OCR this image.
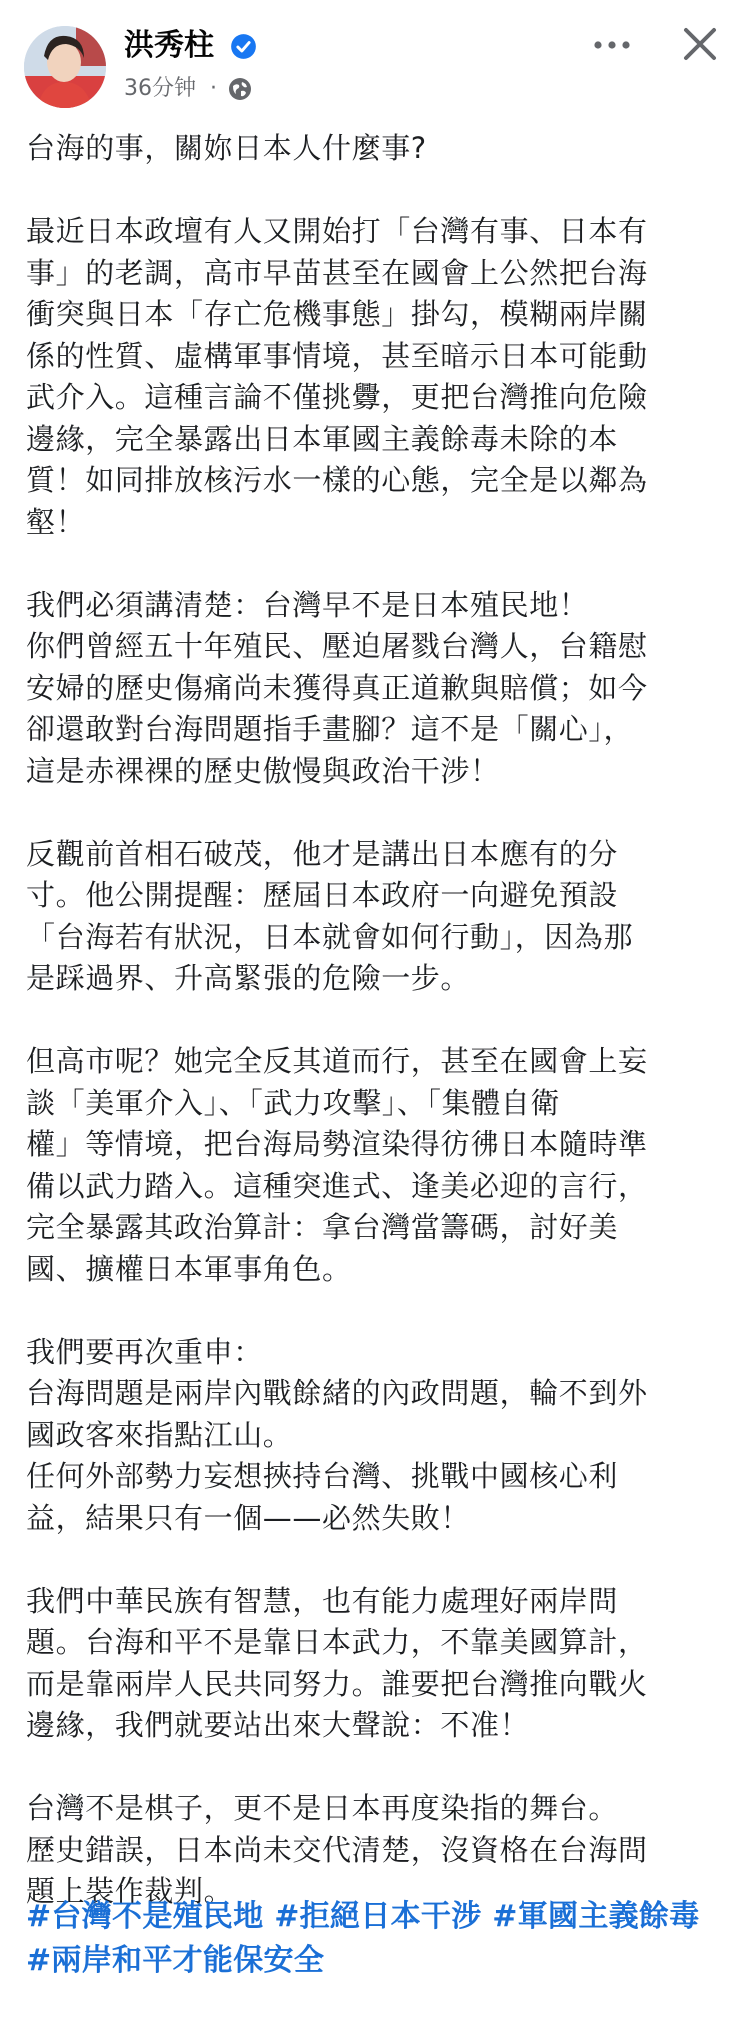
洪秀柱
36分钟 ·

台海的事，關妳日本人什麼事?

最近日本政壇有人又開始打「台灣有事、日本有
事」的老調，高市早苗甚至在國會上公然把台海
衝突與日本「存亡危機事態」掛勾，模糊兩岸關
係的性質、虛構軍事情境，甚至暗示日本可能動
武介入。這種言論不僅挑釁，更把台灣推向危險
邊緣，完全暴露出日本軍國主義餘毒未除的本
質！如同排放核污水一樣的心態，完全是以鄰為
壑！

我們必須講清楚：台灣早不是日本殖民地！
你們曾經五十年殖民、壓迫屠戮台灣人，台籍慰
安婦的歷史傷痛尚未獲得真正道歉與賠償；如今
卻還敢對台海問題指手畫腳？這不是「關心」，
這是赤裸裸的歷史傲慢與政治干涉！

反觀前首相石破茂，他才是講出日本應有的分
寸。他公開提醒：歷屆日本政府一向避免預設
「台海若有狀況，日本就會如何行動」，因為那
是踩過界、升高緊張的危險一步。

但高市呢？她完全反其道而行，甚至在國會上妄
談「美軍介入」、「武力攻擊」、「集體自衛
權」等情境，把台海局勢渲染得彷彿日本隨時準
備以武力踏入。這種突進式、逢美必迎的言行，
完全暴露其政治算計：拿台灣當籌碼，討好美
國、擴權日本軍事角色。

我們要再次重申：
台海問題是兩岸內戰餘緒的內政問題，輪不到外
國政客來指點江山。
任何外部勢力妄想挾持台灣、挑戰中國核心利
益，結果只有一個——必然失敗！

我們中華民族有智慧，也有能力處理好兩岸問
題。台海和平不是靠日本武力，不靠美國算計，
而是靠兩岸人民共同努力。誰要把台灣推向戰火
邊緣，我們就要站出來大聲說：不准！

台灣不是棋子，更不是日本再度染指的舞台。
歷史錯誤，日本尚未交代清楚，沒資格在台海問
題上裝作裁判。

#台灣不是殖民地 #拒絕日本干涉 #軍國主義餘毒 #兩岸和平才能保安全
